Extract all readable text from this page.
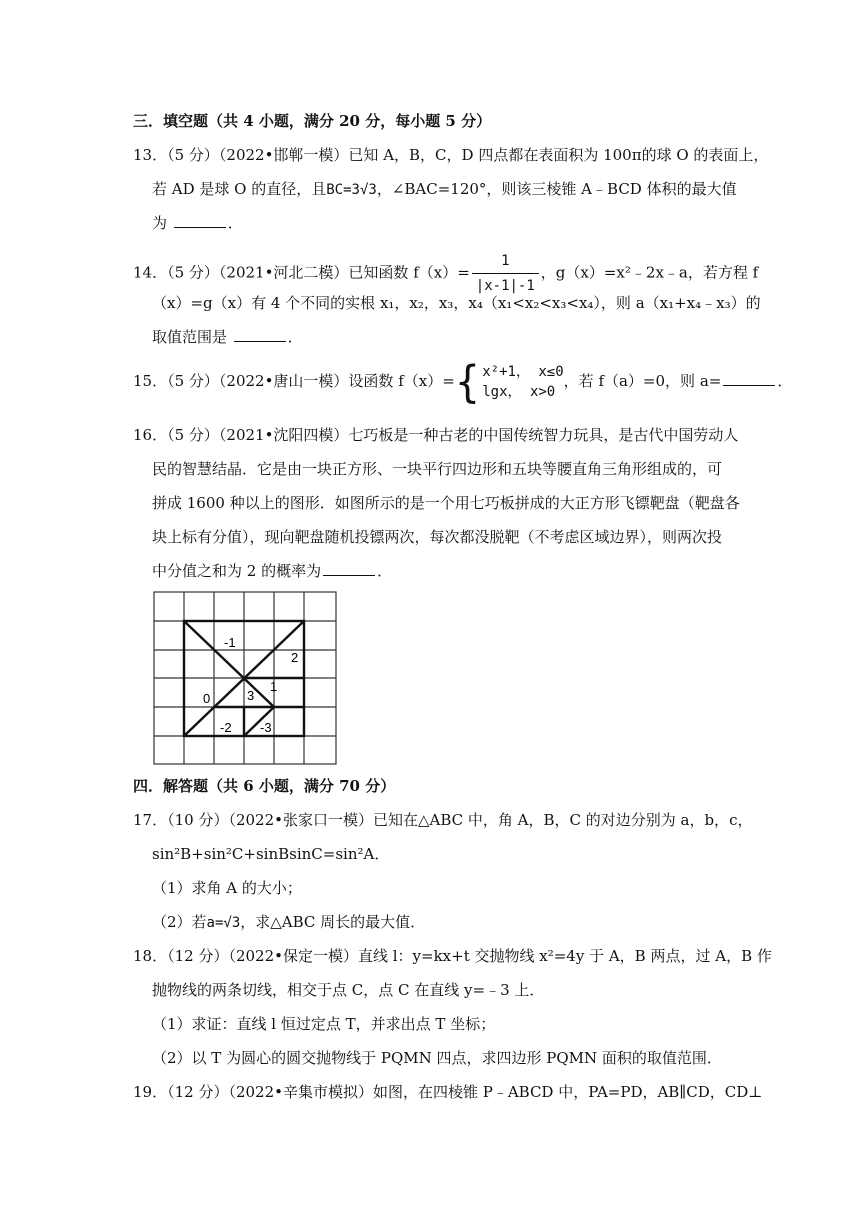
三．填空题（共 4 小题，满分 20 分，每小题 5 分）
13．（5 分）（2022•邯郸一模）已知 A，B，C，D 四点都在表面积为 100π的球 O 的表面上，
若 AD 是球 O 的直径，且BC=3√3，∠BAC=120°，则该三棱锥 A﹣BCD 体积的最大值
为	．
14．（5 分）（2021•河北二模）已知函数 $f(x)= \frac{1}{|x-1|-1}$ ，g（x）=x²﹣2x﹣a，若方程 f
（x）=g（x）有 4 个不同的实根 x₁，x₂，x₃，x₄（x₁<x₂<x₃<x₄），则 a（x₁+x₄﹣x₃）的
取值范围是	．
15．（5 分）（2022•唐山一模）设函数 f（x）= { x²+1， x≤0
lgx， x>0
，若 f（a）=0，则 a=	．
16．（5 分）（2021•沈阳四模）七巧板是一种古老的中国传统智力玩具，是古代中国劳动人
民的智慧结晶．它是由一块正方形、一块平行四边形和五块等腰直角三角形组成的，可
拼成 1600 种以上的图形．如图所示的是一个用七巧板拼成的大正方形飞镖靶盘（靶盘各
块上标有分值），现向靶盘随机投镖两次，每次都没脱靶（不考虑区域边界），则两次投
中分值之和为 2 的概率为	．
-1
2
1
0	3
-2 -3
四．解答题（共 6 小题，满分 70 分）
17．（10 分）（2022•张家口一模）已知在△ABC 中，角 A，B，C 的对边分别为 a，b，c，
sin²B+sin²C+sinBsinC=sin²A．
（1）求角 A 的大小；
（2）若a=√3，求△ABC 周长的最大值．
18．（12 分）（2022•保定一模）直线 l：y=kx+t 交抛物线 x²=4y 于 A，B 两点，过 A，B 作
抛物线的两条切线，相交于点 C，点 C 在直线 y=﹣3 上．
（1）求证：直线 l 恒过定点 T，并求出点 T 坐标；
（2）以 T 为圆心的圆交抛物线于 PQMN 四点，求四边形 PQMN 面积的取值范围．
19．（12 分）（2022•辛集市模拟）如图，在四棱锥 P﹣ABCD 中，PA=PD，AB∥CD，CD⊥
